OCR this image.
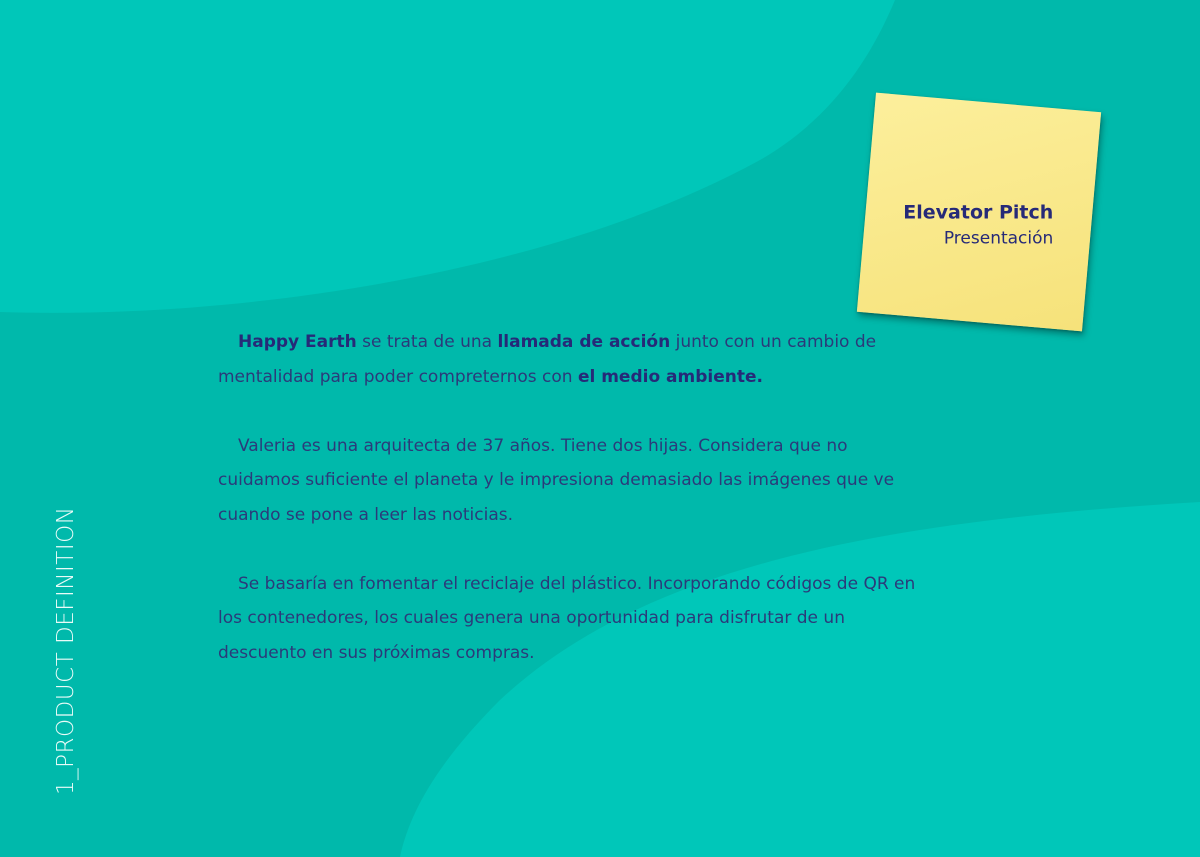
1_PRODUCT DEFINITION
Elevator Pitch
Presentación

Happy Earth se trata de una llamada de acción junto con un cambio de mentalidad para poder compreternos con el medio ambiente.

Valeria es una arquitecta de 37 años. Tiene dos hijas. Considera que no cuidamos suficiente el planeta y le impresiona demasiado las imágenes que ve cuando se pone a leer las noticias.

Se basaría en fomentar el reciclaje del plástico. Incorporando códigos de QR en los contenedores, los cuales genera una oportunidad para disfrutar de un descuento en sus próximas compras.
